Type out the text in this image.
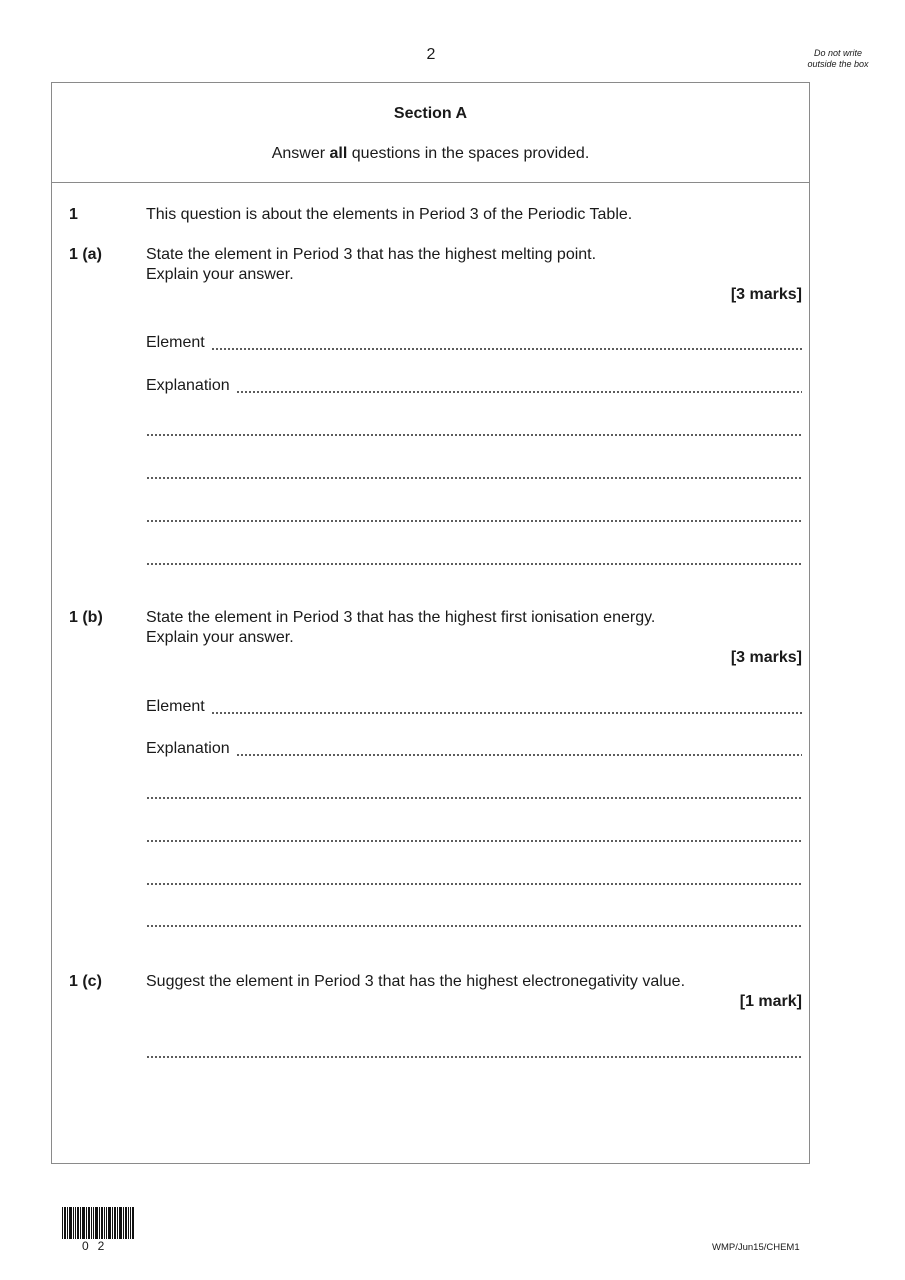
2	Do not write outside the box
Section A
Answer all questions in the spaces provided.
1	This question is about the elements in Period 3 of the Periodic Table.
1 (a)	State the element in Period 3 that has the highest melting point.
Explain your answer.
[3 marks]
Element
Explanation
1 (b)	State the element in Period 3 that has the highest first ionisation energy.
Explain your answer.
[3 marks]
Element
Explanation
1 (c)	Suggest the element in Period 3 that has the highest electronegativity value.
[1 mark]
02	WMP/Jun15/CHEM1
